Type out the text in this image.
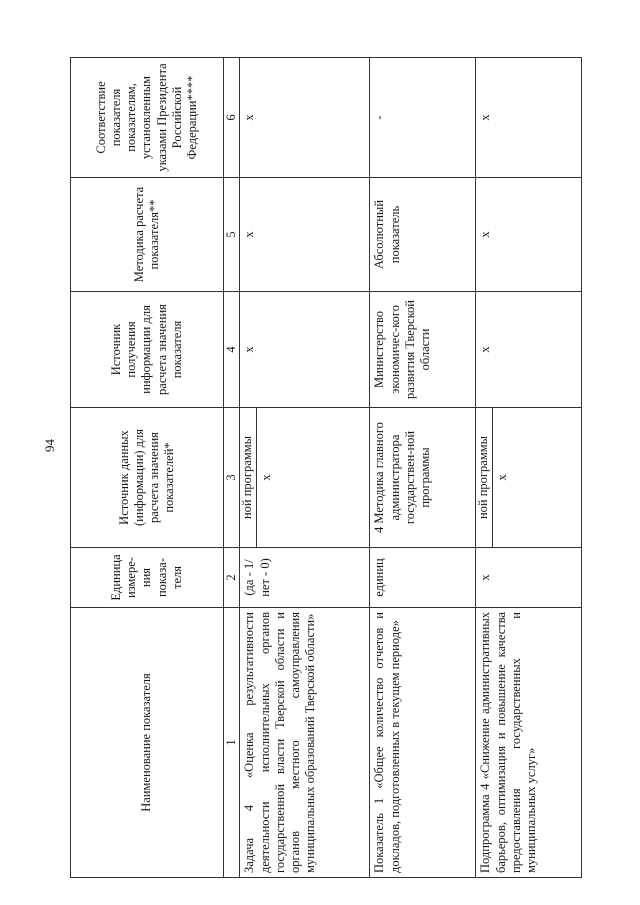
94
Наименование показателя	Единица измере-ния показа-теля	Источник данных (информации) для расчета значения показателей*	Источник получения информации для расчета значения показателя	Методика расчета показателя**	Соответствие показателя показателям, установленным указами Президента Российской Федерации****
1	2	3	4	5	6
Задача 4 «Оценка результативности деятельности исполнительных органов государственной власти Тверской области и органов местного самоуправления муниципальных образований Тверской области»	(да - 1/ нет - 0)	ной программы х	х	х	х
Показатель 1 «Общее количество отчетов и докладов, подготовленных в текущем периоде»	единиц	4 Методика главного администратора государствен-ной программы	Министерство экономичес-кого развития Тверской области	Абсолютный показатель	-
Подпрограмма 4 «Снижение административных барьеров, оптимизация и повышение качества предоставления государственных и муниципальных услуг»	х	ной программы х	х	х	х
